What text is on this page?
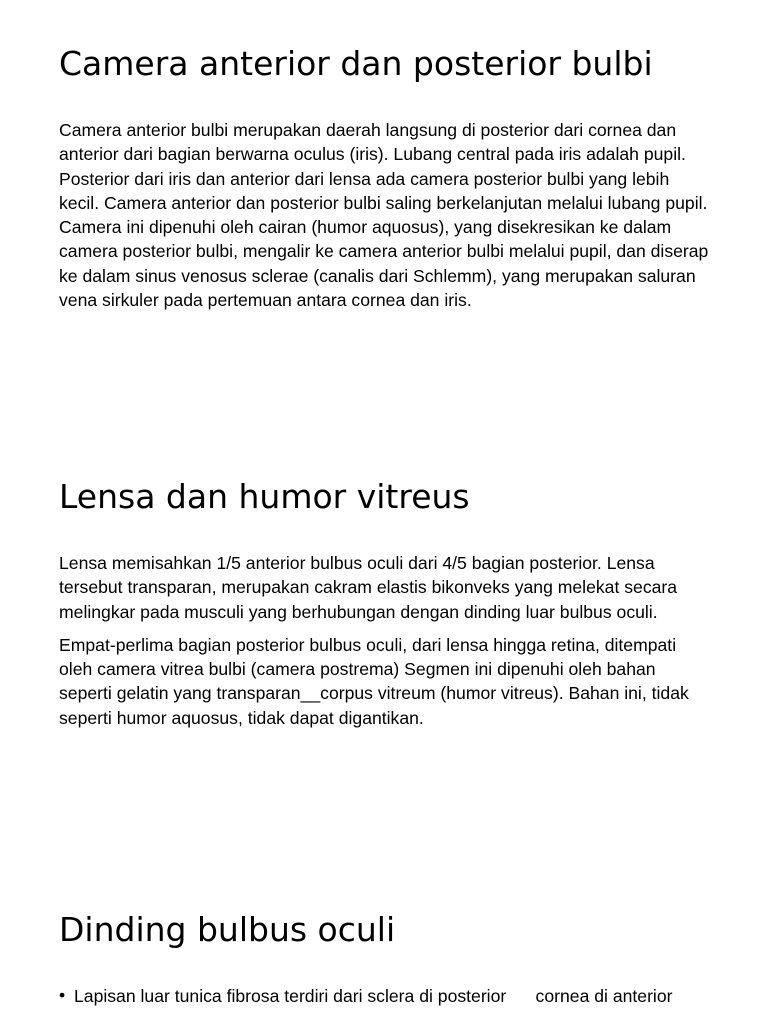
Camera anterior dan posterior bulbi

Camera anterior bulbi merupakan daerah langsung di posterior dari cornea dan anterior dari bagian berwarna oculus (iris). Lubang central pada iris adalah pupil. Posterior dari iris dan anterior dari lensa ada camera posterior bulbi yang lebih kecil. Camera anterior dan posterior bulbi saling berkelanjutan melalui lubang pupil. Camera ini dipenuhi oleh cairan (humor aquosus), yang disekresikan ke dalam camera posterior bulbi, mengalir ke camera anterior bulbi melalui pupil, dan diserap ke dalam sinus venosus sclerae (canalis dari Schlemm), yang merupakan saluran vena sirkuler pada pertemuan antara cornea dan iris.

Lensa dan humor vitreus

Lensa memisahkan 1/5 anterior bulbus oculi dari 4/5 bagian posterior. Lensa tersebut transparan, merupakan cakram elastis bikonveks yang melekat secara melingkar pada musculi yang berhubungan dengan dinding luar bulbus oculi.

Empat-perlima bagian posterior bulbus oculi, dari lensa hingga retina, ditempati oleh camera vitrea bulbi (camera postrema) Segmen ini dipenuhi oleh bahan seperti gelatin yang transparan__corpus vitreum (humor vitreus). Bahan ini, tidak seperti humor aquosus, tidak dapat digantikan.

Dinding bulbus oculi
• Lapisan luar tunica fibrosa terdiri dari sclera di posterior      cornea di anterior
